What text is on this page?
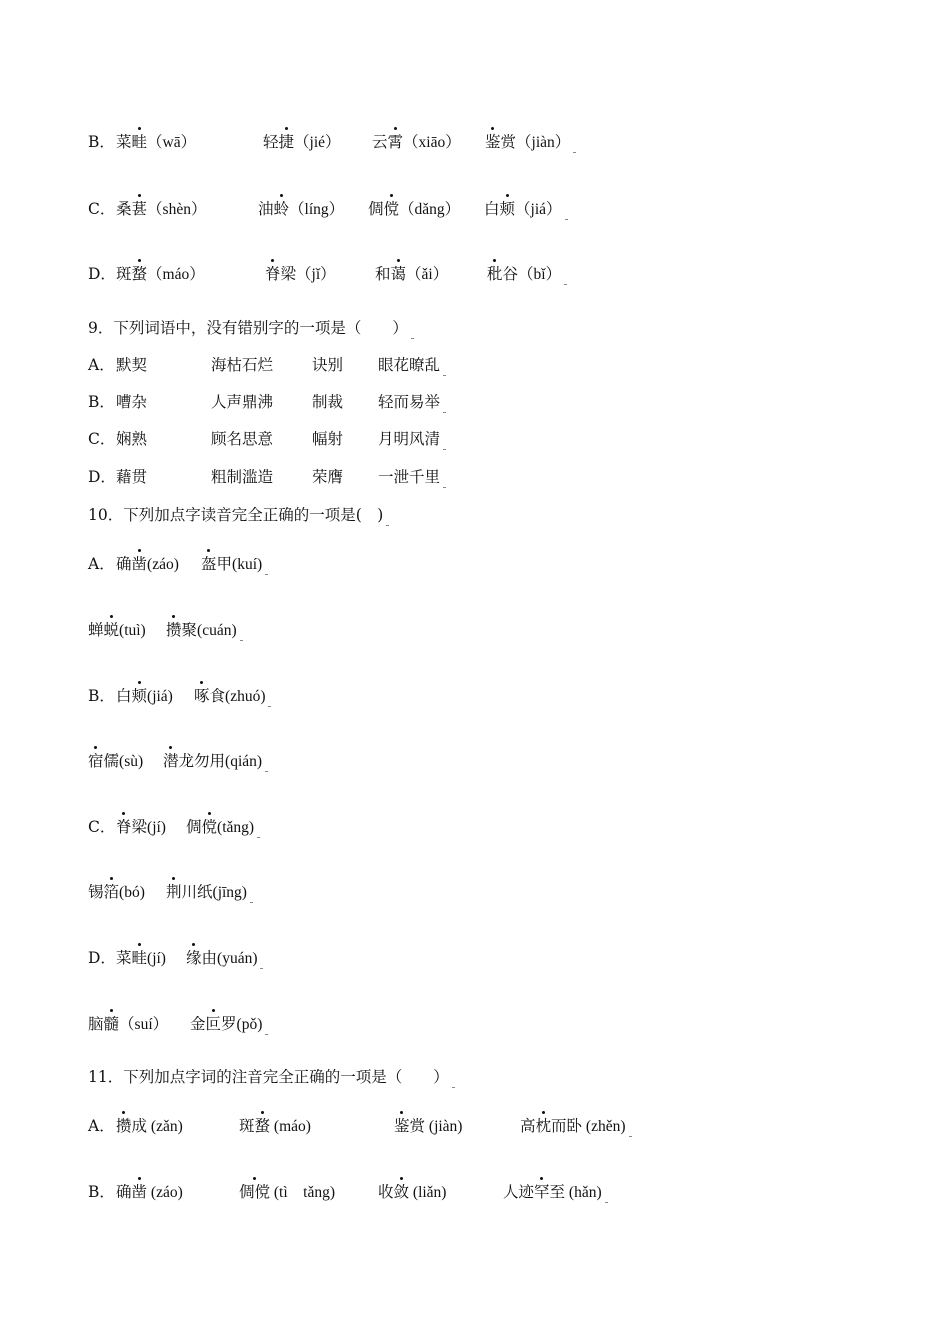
B． 菜畦（wā）	轻捷（jié） 云霄（xiāo） 鉴赏（jiàn）
C． 桑葚（shèn）	油蛉（líng） 倜傥（dǎng） 白颊（jiá）
D． 斑蝥（máo）	脊梁（jǐ）	和蔼（ǎi）	秕谷（bǐ）
9．下列词语中，没有错别字的一项是（　　）
A． 默契	海枯石烂	诀别 眼花暸乱
B． 嘈杂	人声鼎沸	制裁 轻而易举
C． 娴熟	顾名思意	幅射 月明风清
D． 藉贯	粗制滥造	荣膺 一泄千里
10．下列加点字读音完全正确的一项是(　)
A． 确凿(záo) 盔甲(kuí)
蝉蜕(tuì) 攒聚(cuán)
B． 白颊(jiá) 啄食(zhuó)
宿儒(sù) 潜龙勿用(qián)
C． 脊梁(jí) 倜傥(tǎng)
锡箔(bó) 荆川纸(jīng)
D． 菜畦(jí) 缘由(yuán)
脑髓（suí） 金叵罗(pǒ)
11．下列加点字词的注音完全正确的一项是（　　）
A． 攒成 (zǎn)	斑蝥 (máo)	鉴赏 (jiàn)	高枕而卧 (zhěn)
B． 确凿 (záo)	倜傥 (tì　tǎng)	收敛 (liǎn)	人迹罕至 (hǎn)
